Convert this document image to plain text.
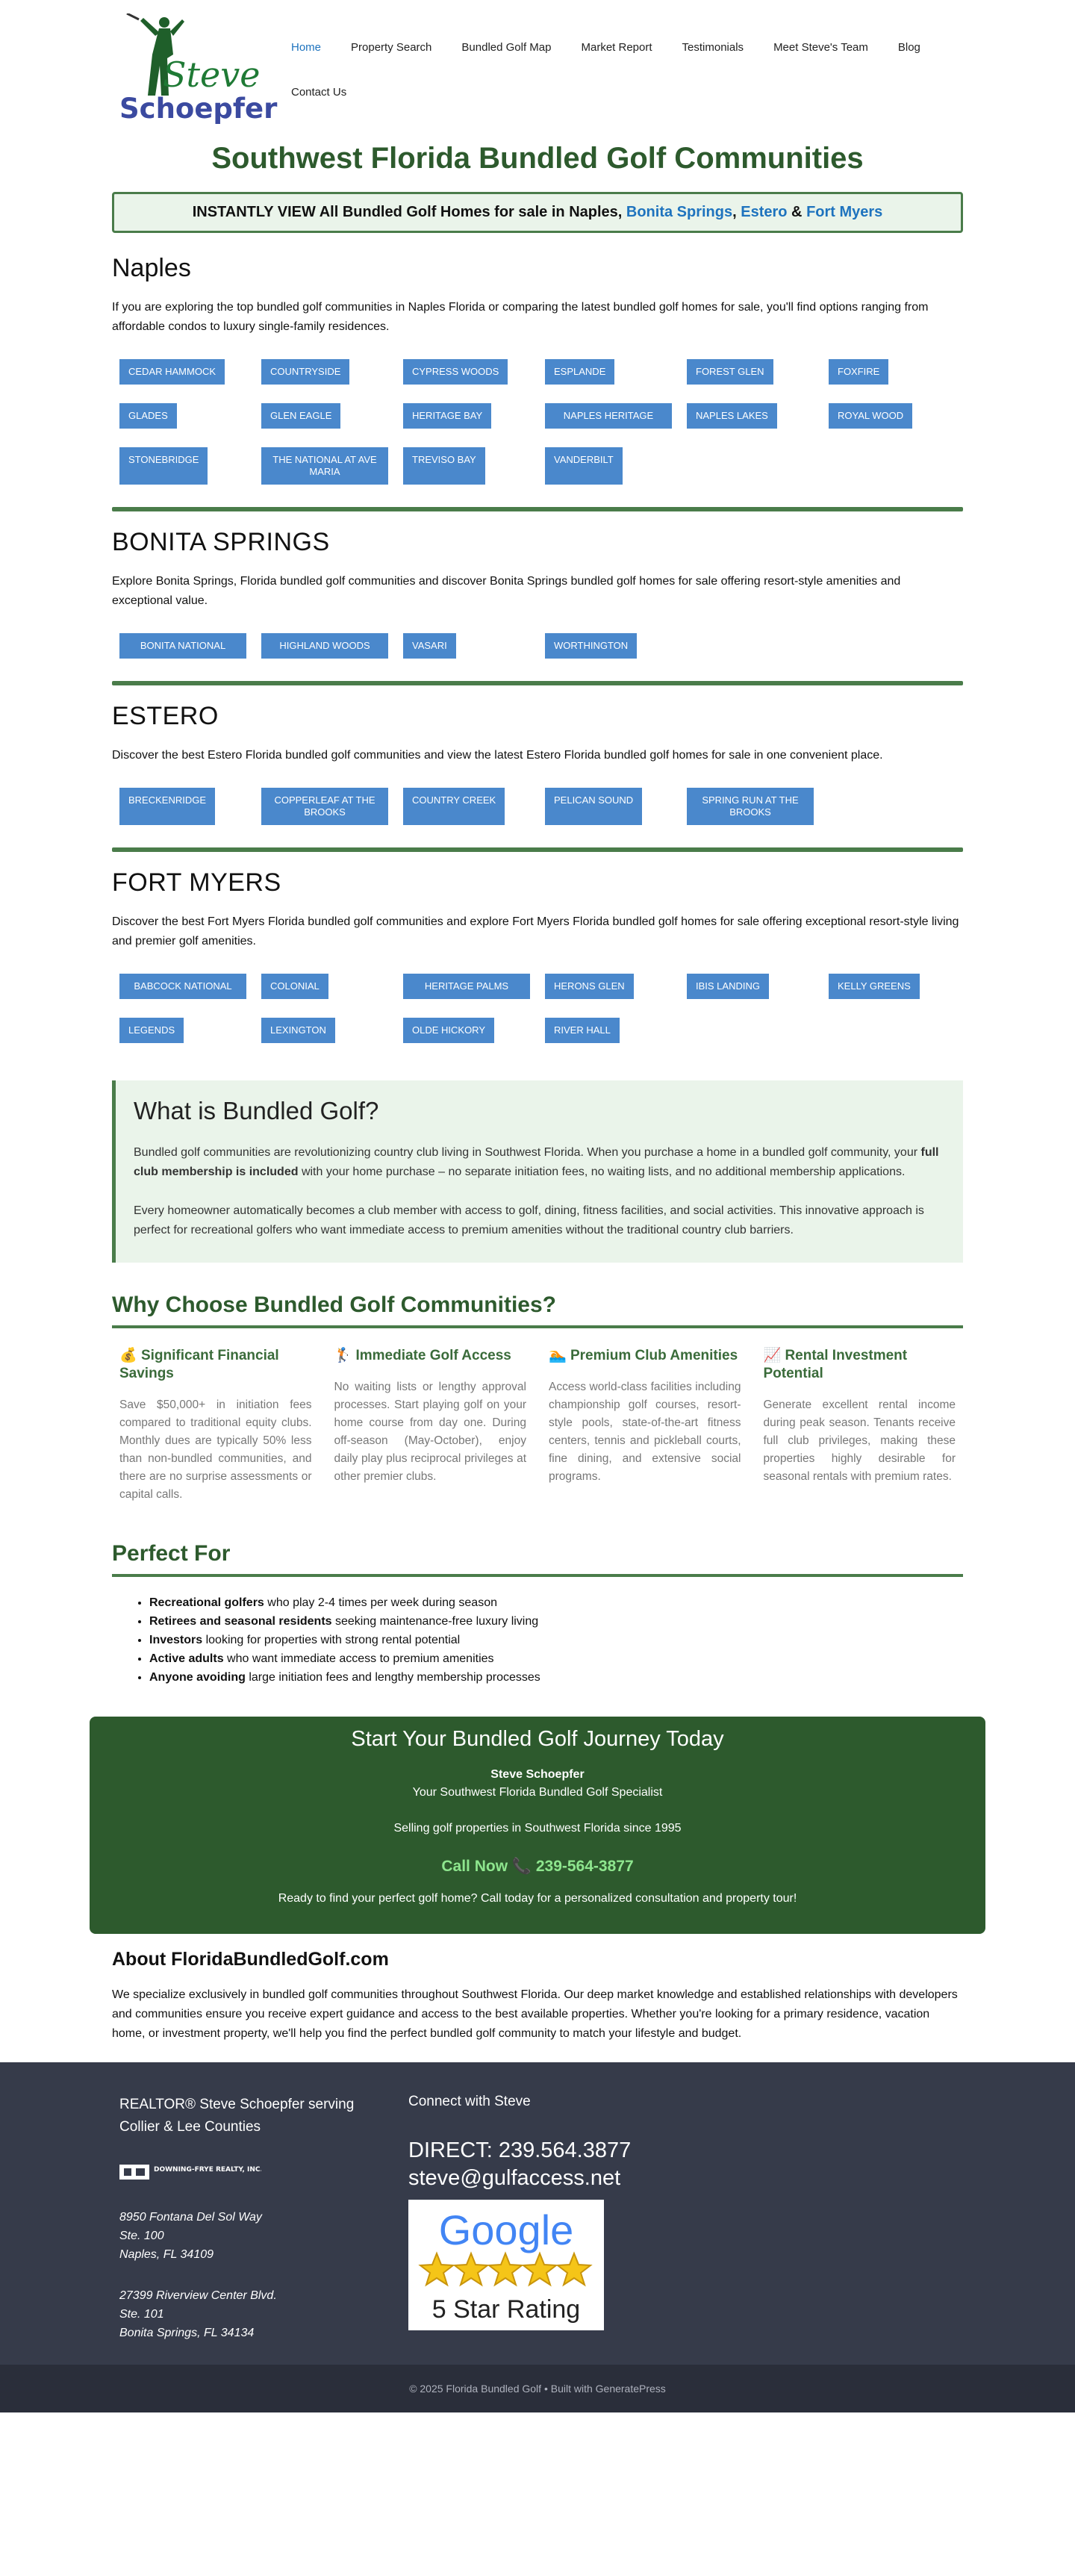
Steve
Schoepfer
Home	Property Search	Bundled Golf Map	Market Report	Testimonials	Meet Steve's Team	Blog
Contact Us
Southwest Florida Bundled Golf Communities
INSTANTLY VIEW All Bundled Golf Homes for sale in Naples, Bonita Springs, Estero & Fort Myers
Naples

If you are exploring the top bundled golf communities in Naples Florida or comparing the latest bundled golf homes for sale, you'll find options ranging from affordable condos to luxury single-family residences.

CEDAR HAMMOCK	COUNTRYSIDE	CYPRESS WOODS	ESPLANDE	FOREST GLEN	FOXFIRE
GLADES	GLEN EAGLE	HERITAGE BAY	NAPLES HERITAGE	NAPLES LAKES	ROYAL WOOD
STONEBRIDGE	THE NATIONAL AT AVE MARIA
TREVISO BAY	VANDERBILT
BONITA SPRINGS

Explore Bonita Springs, Florida bundled golf communities and discover Bonita Springs bundled golf homes for sale offering resort-style amenities and exceptional value.

BONITA NATIONAL	HIGHLAND WOODS	VASARI	WORTHINGTON
ESTERO

Discover the best Estero Florida bundled golf communities and view the latest Estero Florida bundled golf homes for sale in one convenient place.

BRECKENRIDGE	COPPERLEAF AT THE BROOKS
COUNTRY CREEK	PELICAN SOUND	SPRING RUN AT THE BROOKS
FORT MYERS

Discover the best Fort Myers Florida bundled golf communities and explore Fort Myers Florida bundled golf homes for sale offering exceptional resort-style living and premier golf amenities.

BABCOCK NATIONAL	COLONIAL	HERITAGE PALMS	HERONS GLEN	IBIS LANDING	KELLY GREENS
LEGENDS	LEXINGTON	OLDE HICKORY	RIVER HALL
What is Bundled Golf?

Bundled golf communities are revolutionizing country club living in Southwest Florida. When you purchase a home in a bundled golf community, your full club membership is included with your home purchase – no separate initiation fees, no waiting lists, and no additional membership applications.

Every homeowner automatically becomes a club member with access to golf, dining, fitness facilities, and social activities. This innovative approach is perfect for recreational golfers who want immediate access to premium amenities without the traditional country club barriers.

Why Choose Bundled Golf Communities?
💰 Significant Financial Savings

Save $50,000+ in initiation fees compared to traditional equity clubs. Monthly dues are typically 50% less than non-bundled communities, and there are no surprise assessments or capital calls.

🏌 Immediate Golf Access

No waiting lists or lengthy approval processes. Start playing golf on your home course from day one. During off-season (May-October), enjoy daily play plus reciprocal privileges at other premier clubs.

🏊 Premium Club Amenities

Access world-class facilities including championship golf courses, resort-style pools, state-of-the-art fitness centers, tennis and pickleball courts, fine dining, and extensive social programs.

📈 Rental Investment Potential

Generate excellent rental income during peak season. Tenants receive full club privileges, making these properties highly desirable for seasonal rentals with premium rates.

Perfect For
• Recreational golfers who play 2-4 times per week during season
• Retirees and seasonal residents seeking maintenance-free luxury living
• Investors looking for properties with strong rental potential
• Active adults who want immediate access to premium amenities
• Anyone avoiding large initiation fees and lengthy membership processes
Start Your Bundled Golf Journey Today
Steve Schoepfer
Your Southwest Florida Bundled Golf Specialist
Selling golf properties in Southwest Florida since 1995
Call Now 📞 239-564-3877
Ready to find your perfect golf home? Call today for a personalized consultation and property tour!
About FloridaBundledGolf.com

We specialize exclusively in bundled golf communities throughout Southwest Florida. Our deep market knowledge and established relationships with developers and communities ensure you receive expert guidance and access to the best available properties. Whether you're looking for a primary residence, vacation home, or investment property, we'll help you find the perfect bundled golf community to match your lifestyle and budget.

REALTOR® Steve Schoepfer serving Collier & Lee Counties
DOWNING-FRYE REALTY, INC.
8950 Fontana Del Sol Way
Ste. 100
Naples, FL 34109
27399 Riverview Center Blvd.
Ste. 101
Bonita Springs, FL 34134
Connect with Steve
DIRECT: 239.564.3877
steve@gulfaccess.net
Google
5 Star Rating
© 2025 Florida Bundled Golf • Built with GeneratePress
